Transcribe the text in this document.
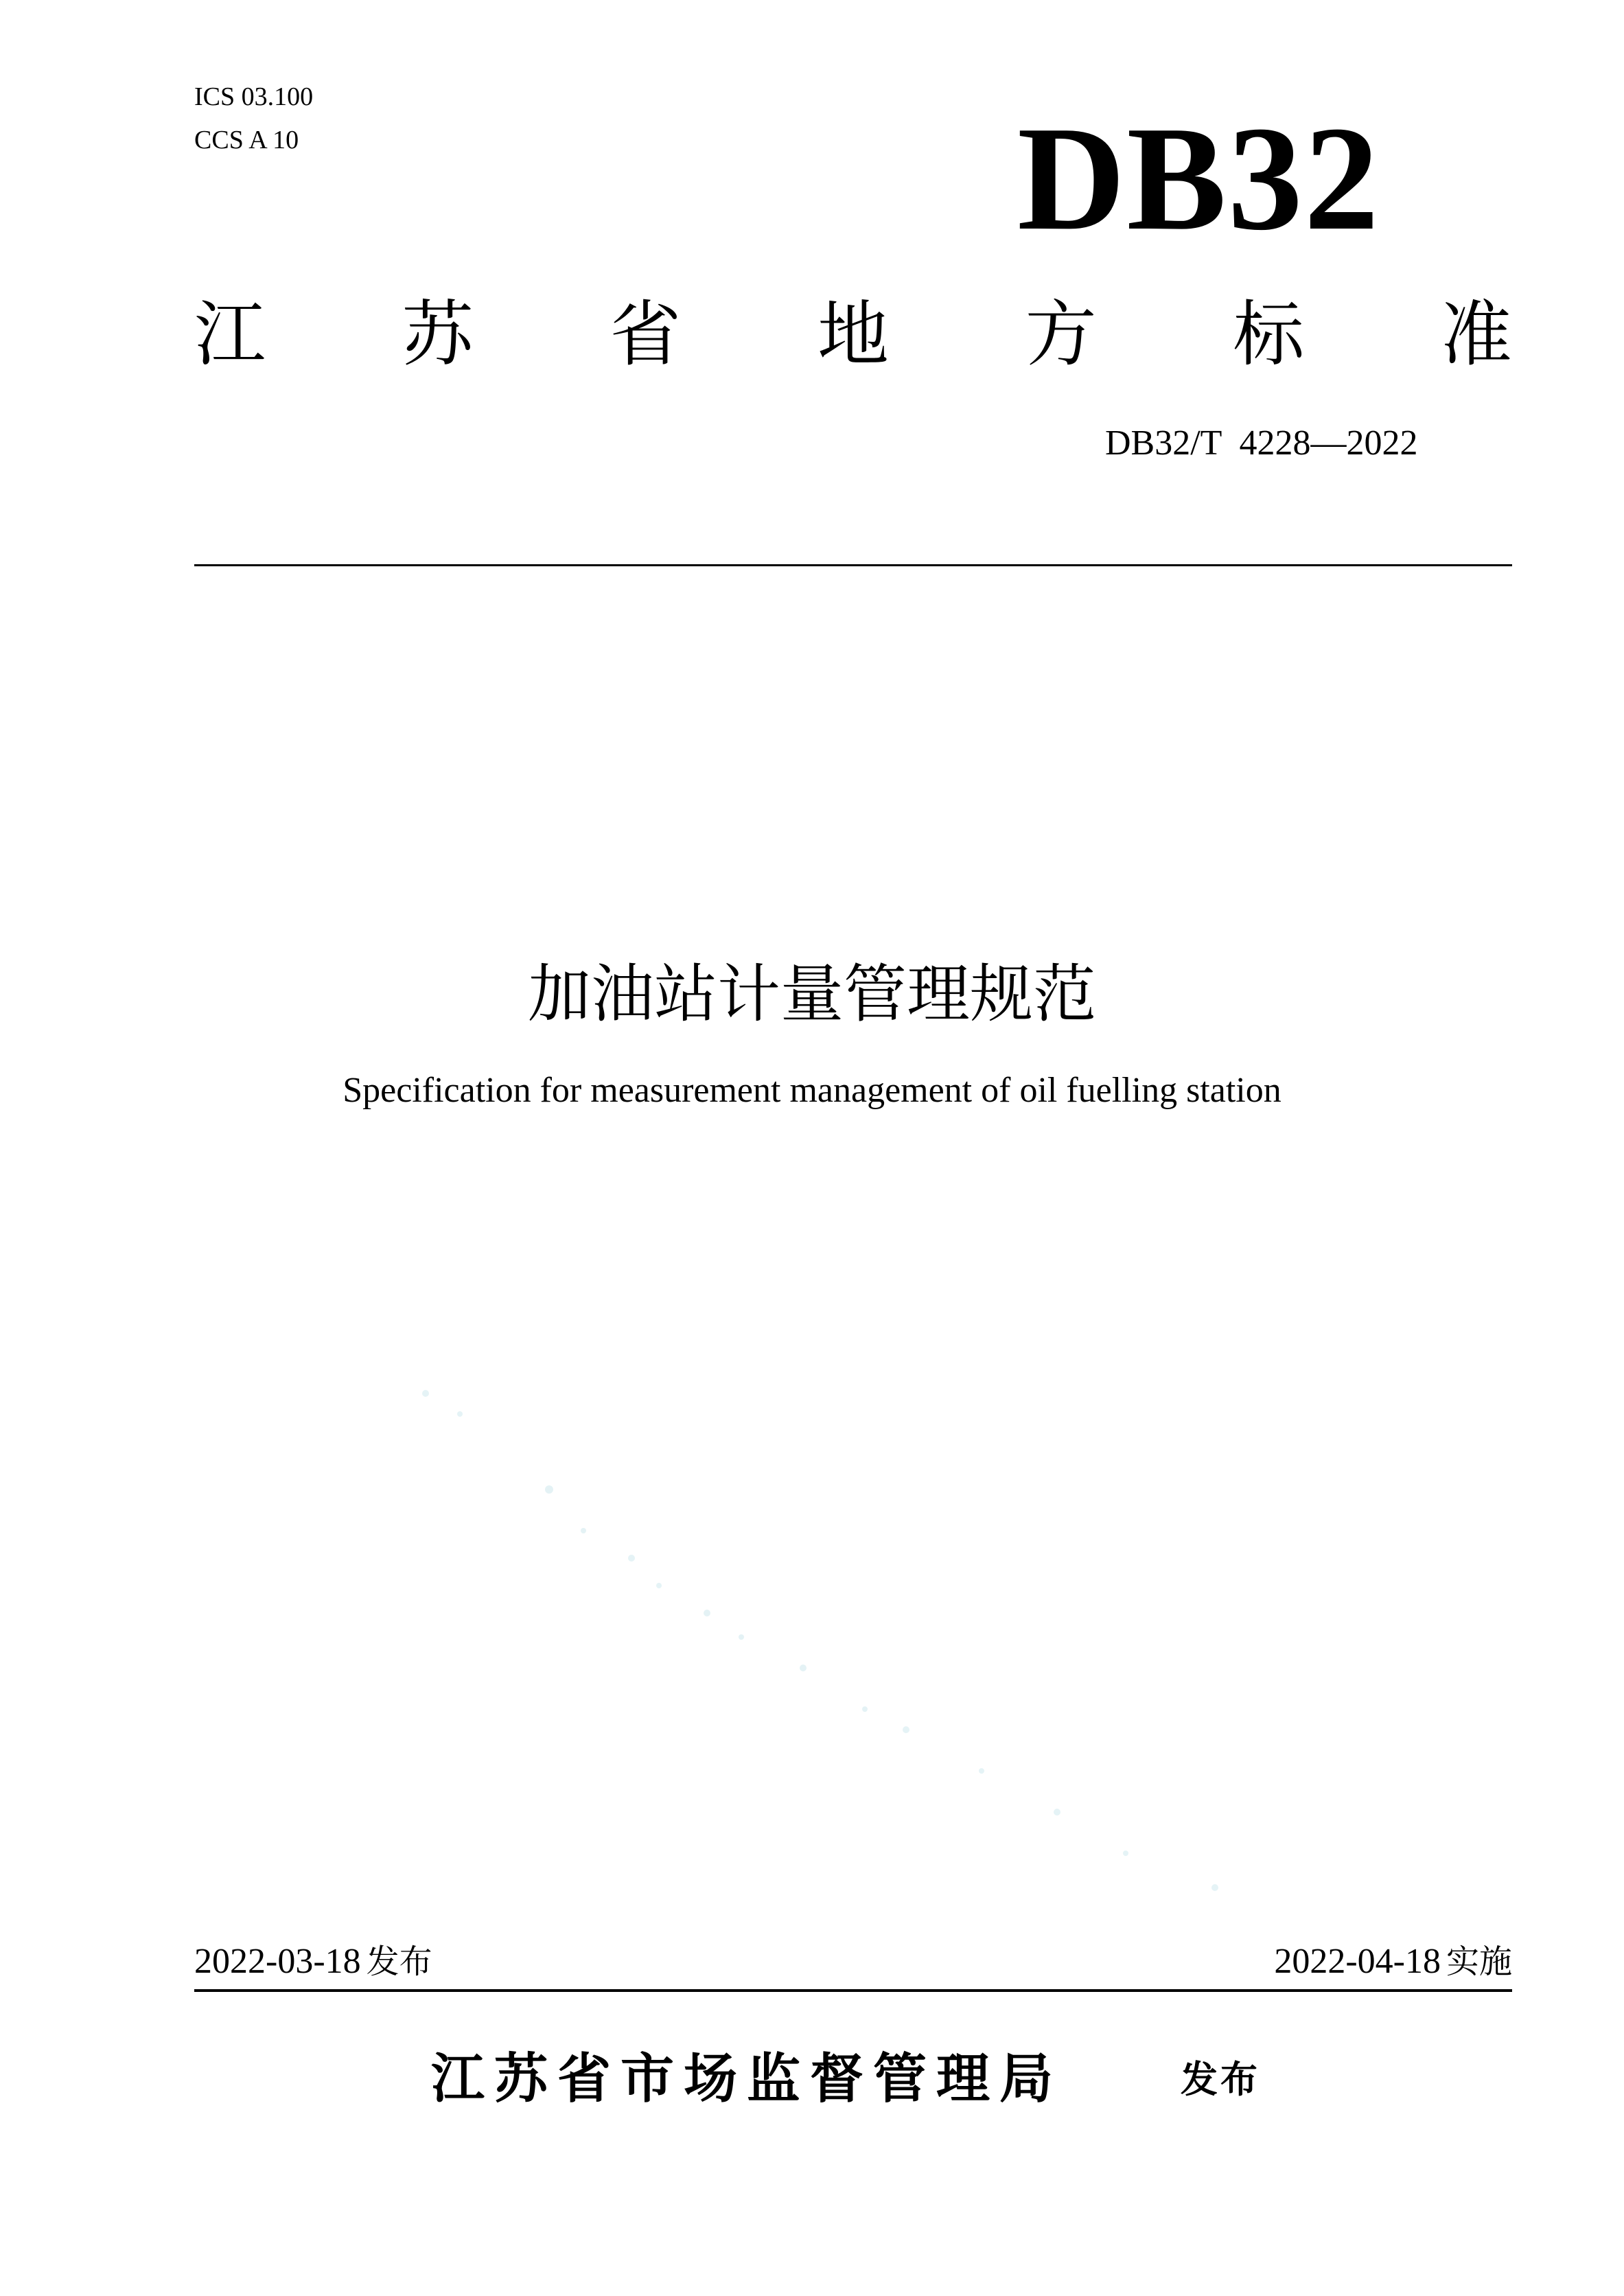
ICS 03.100
CCS A 10	DB32
江 苏 省 地 方 标 准
DB32/T  4228—2022
加油站计量管理规范
Specification for measurement management of oil fuelling station
2022-03-18 发布	2022-04-18 实施
江苏省市场监督管理局	发布
